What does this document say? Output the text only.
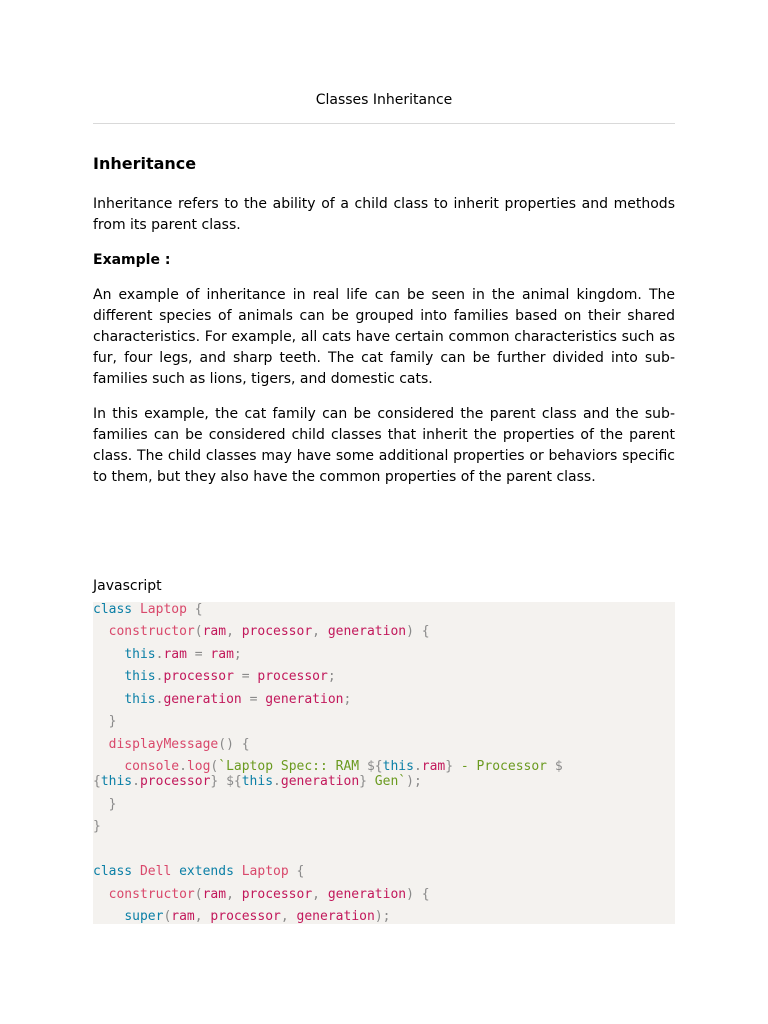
Classes Inheritance
Inheritance

Inheritance refers to the ability of a child class to inherit properties and methods from its parent class.

Example :

An example of inheritance in real life can be seen in the animal kingdom. The different species of animals can be grouped into families based on their shared characteristics. For example, all cats have certain common characteristics such as fur, four legs, and sharp teeth. The cat family can be further divided into sub-families such as lions, tigers, and domestic cats.

In this example, the cat family can be considered the parent class and the sub-families can be considered child classes that inherit the properties of the parent class. The child classes may have some additional properties or behaviors specific to them, but they also have the common properties of the parent class.

Javascript
class Laptop {
constructor(ram, processor, generation) {
this.ram = ram;
this.processor = processor;
this.generation = generation;
}
displayMessage() {
console.log(`Laptop Spec:: RAM ${this.ram} - Processor $
{this.processor} ${this.generation} Gen`);
}
}
class Dell extends Laptop {
constructor(ram, processor, generation) {
super(ram, processor, generation);
